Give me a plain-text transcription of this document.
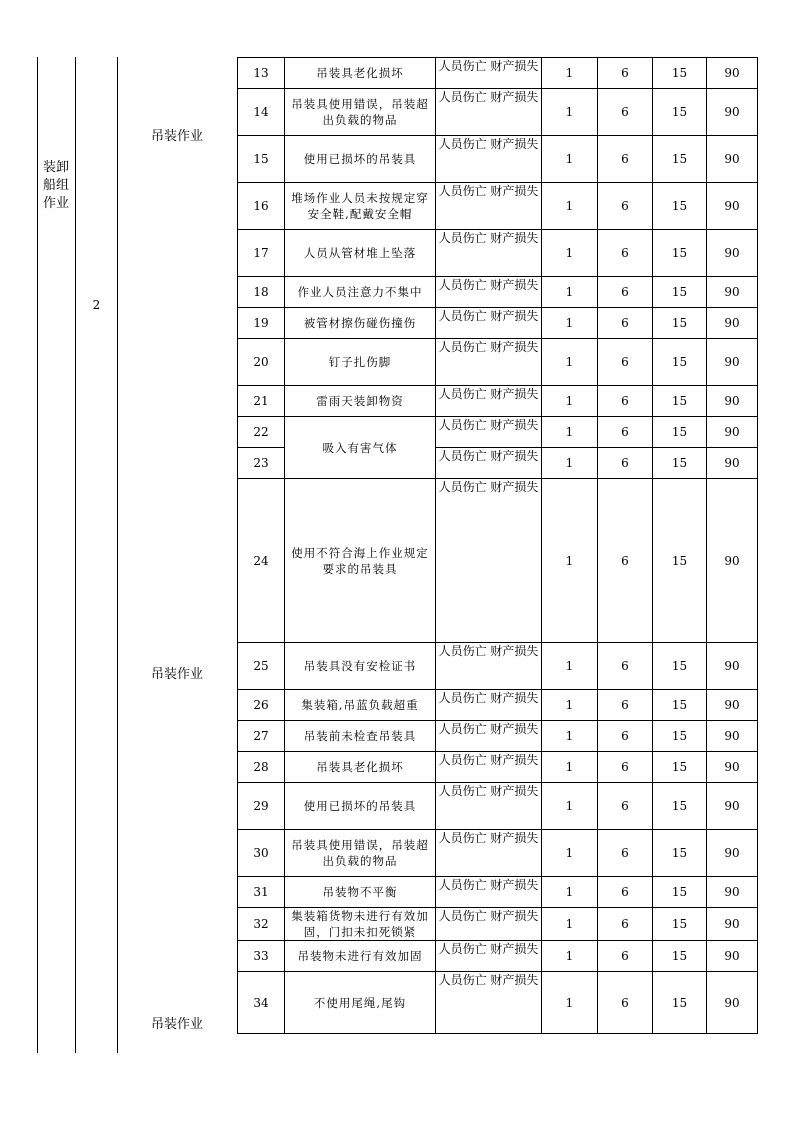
装卸
船组
作业
2
吊装作业
吊装作业
吊装作业
13	吊装具老化损坏	人员伤亡 财产损失	1	6	15	90
14	吊装具使用错误，吊装超出负载的物品	人员伤亡 财产损失	1	6	15	90
15	使用已损坏的吊装具	人员伤亡 财产损失	1	6	15	90
16	堆场作业人员未按规定穿安全鞋,配戴安全帽	人员伤亡 财产损失	1	6	15	90
17	人员从管材堆上坠落	人员伤亡 财产损失	1	6	15	90
18	作业人员注意力不集中	人员伤亡 财产损失	1	6	15	90
19	被管材擦伤碰伤撞伤	人员伤亡 财产损失	1	6	15	90
20	钉子扎伤脚	人员伤亡 财产损失	1	6	15	90
21	雷雨天装卸物资	人员伤亡 财产损失	1	6	15	90
22	吸入有害气体	人员伤亡 财产损失	1	6	15	90
23		人员伤亡 财产损失	1	6	15	90
24	使用不符合海上作业规定要求的吊装具	人员伤亡 财产损失	1	6	15	90
25	吊装具没有安检证书	人员伤亡 财产损失	1	6	15	90
26	集装箱,吊蓝负载超重	人员伤亡 财产损失	1	6	15	90
27	吊装前未检查吊装具	人员伤亡 财产损失	1	6	15	90
28	吊装具老化损坏	人员伤亡 财产损失	1	6	15	90
29	使用已损坏的吊装具	人员伤亡 财产损失	1	6	15	90
30	吊装具使用错误，吊装超出负载的物品	人员伤亡 财产损失	1	6	15	90
31	吊装物不平衡	人员伤亡 财产损失	1	6	15	90
32	集装箱货物未进行有效加固，门扣未扣死锁紧	人员伤亡 财产损失	1	6	15	90
33	吊装物未进行有效加固	人员伤亡 财产损失	1	6	15	90
34	不使用尾绳,尾钩	人员伤亡 财产损失	1	6	15	90
